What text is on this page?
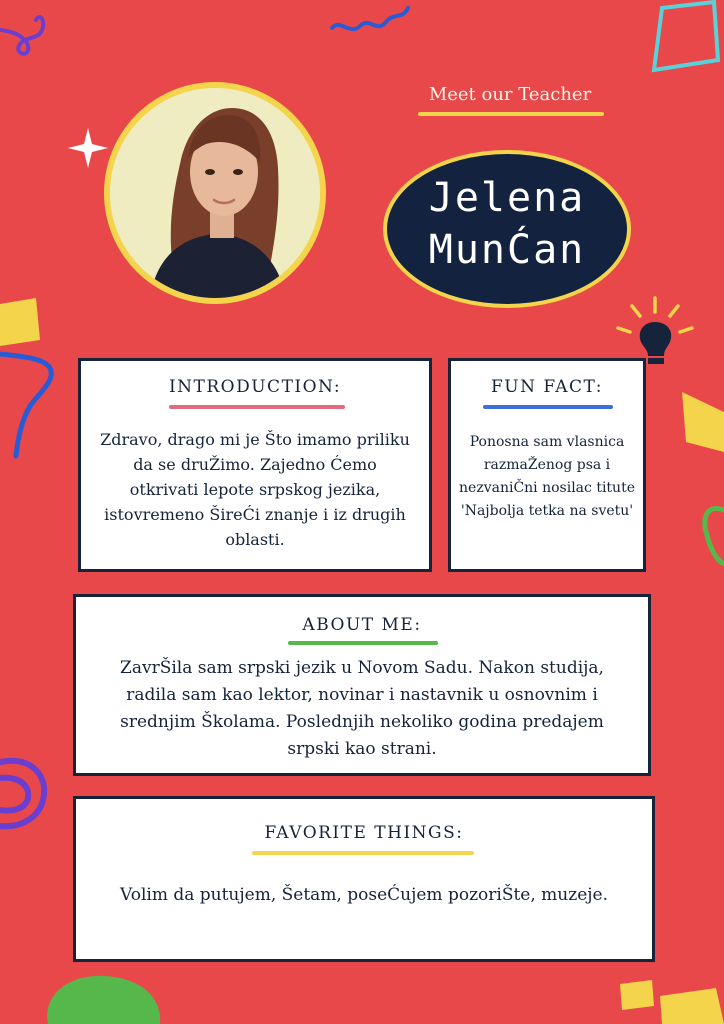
Meet our Teacher
Jelena
MunĆan
INTRODUCTION:
Zdravo, drago mi je Što imamo priliku da se druŽimo. Zajedno Ćemo otkrivati lepote srpskog jezika, istovremeno ŠireĆi znanje i iz drugih oblasti.
FUN FACT:
Ponosna sam vlasnica razmaŽenog psa i nezvaniČni nosilac titute 'Najbolja tetka na svetu'
ABOUT ME:
ZavrŠila sam srpski jezik u Novom Sadu. Nakon studija, radila sam kao lektor, novinar i nastavnik u osnovnim i srednjim Školama. Poslednjih nekoliko godina predajem srpski kao strani.
FAVORITE THINGS:
Volim da putujem, Šetam, poseĆujem pozoriŠte, muzeje.
